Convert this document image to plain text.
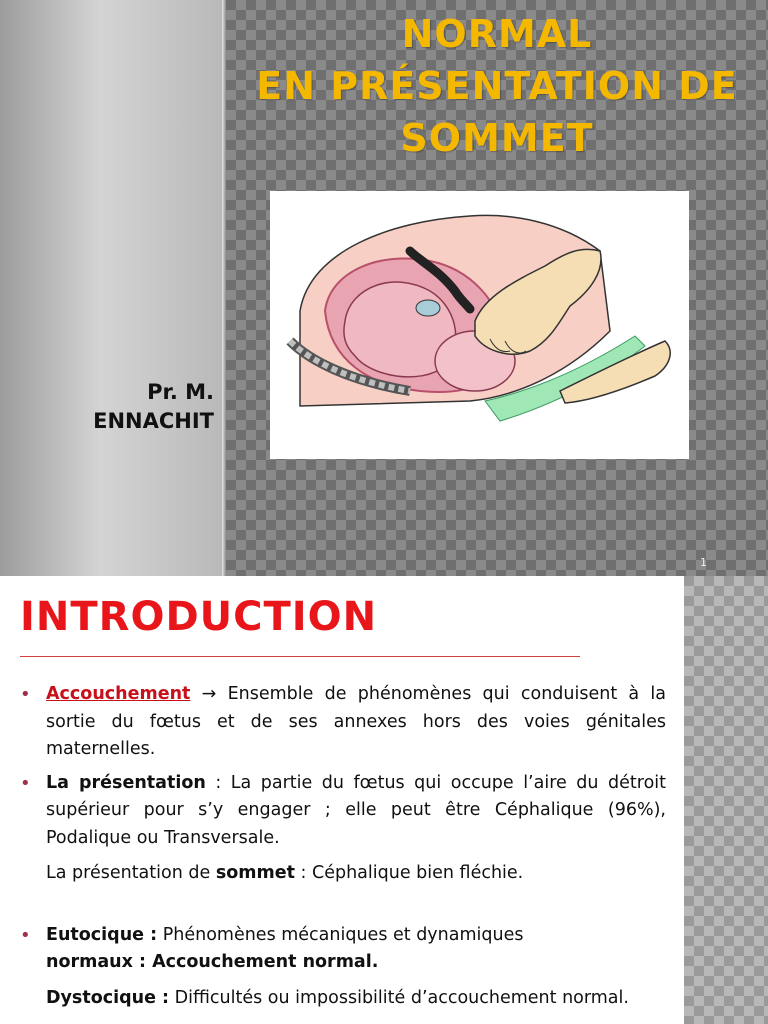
NORMAL
EN PRÉSENTATION DE
SOMMET
Pr. M.
ENNACHIT
1
INTRODUCTION
• Accouchement → Ensemble de phénomènes qui conduisent à la sortie du fœtus et de ses annexes hors des voies génitales maternelles.
• La présentation : La partie du fœtus qui occupe l’aire du détroit supérieur pour s’y engager ; elle peut être Céphalique (96%), Podalique ou Transversale.
La présentation de sommet : Céphalique bien fléchie.
• Eutocique : Phénomènes mécaniques et dynamiques
normaux : Accouchement normal.
Dystocique : Difficultés ou impossibilité d’accouchement normal.
